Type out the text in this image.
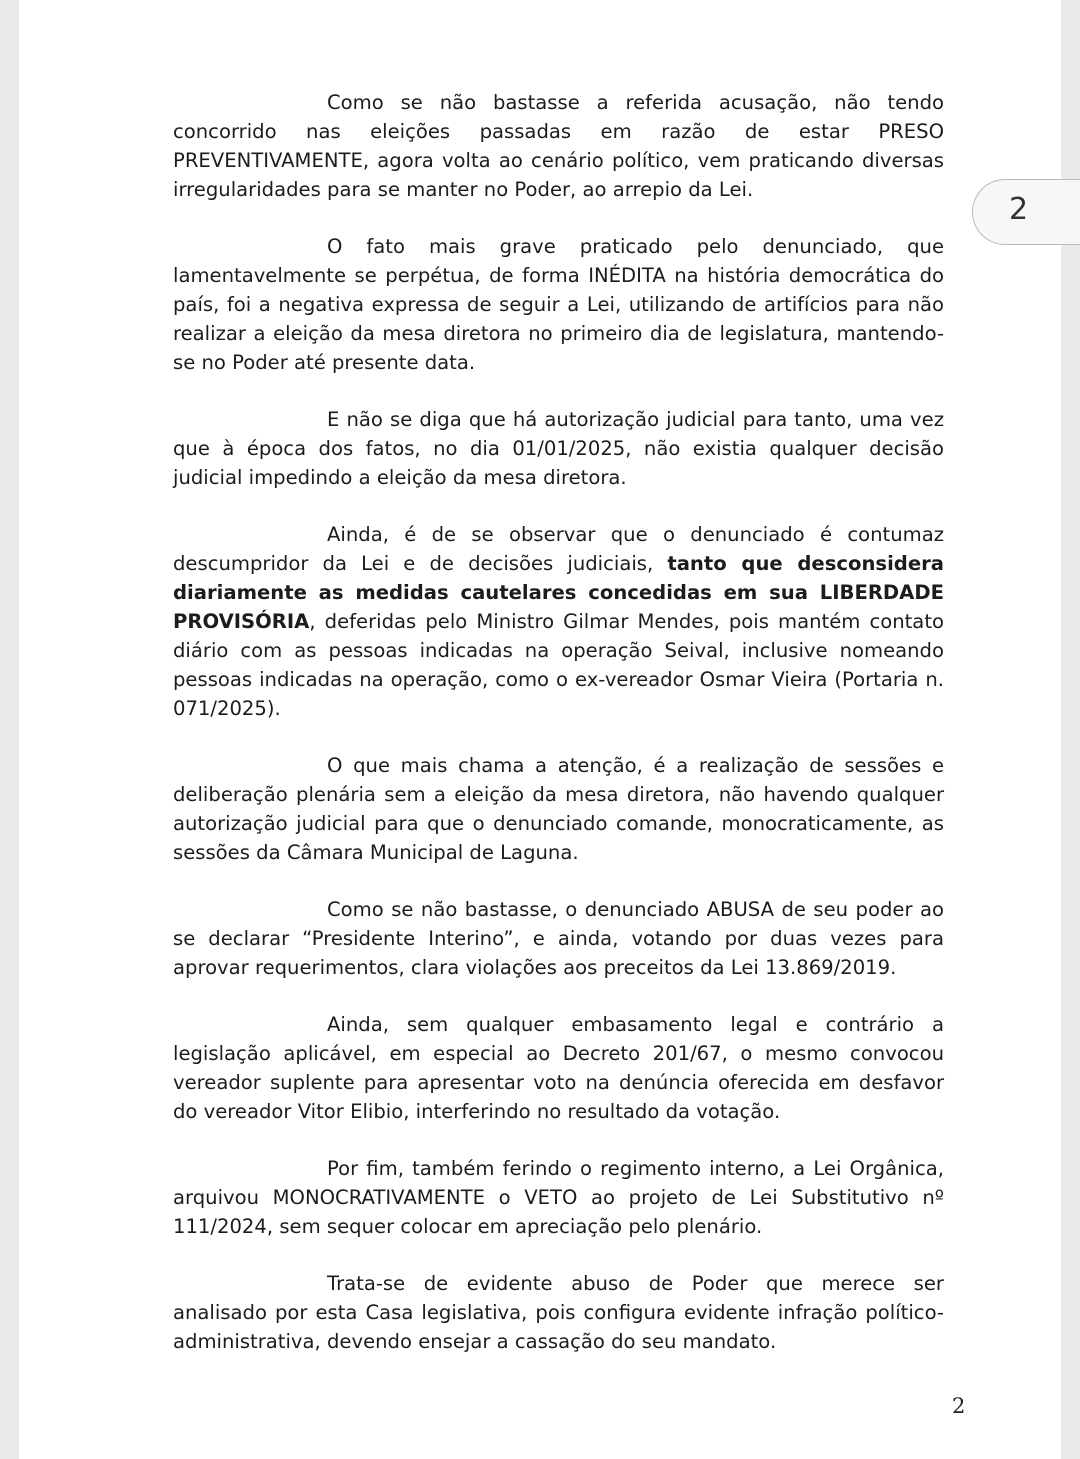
Como se não bastasse a referida acusação, não tendo concorrido nas eleições passadas em razão de estar PRESO PREVENTIVAMENTE, agora volta ao cenário político, vem praticando diversas irregularidades para se manter no Poder, ao arrepio da Lei.

O fato mais grave praticado pelo denunciado, que lamentavelmente se perpétua, de forma INÉDITA na história democrática do país, foi a negativa expressa de seguir a Lei, utilizando de artifícios para não realizar a eleição da mesa diretora no primeiro dia de legislatura, mantendo-se no Poder até presente data.

E não se diga que há autorização judicial para tanto, uma vez que à época dos fatos, no dia 01/01/2025, não existia qualquer decisão judicial impedindo a eleição da mesa diretora.

Ainda, é de se observar que o denunciado é contumaz descumpridor da Lei e de decisões judiciais, tanto que desconsidera diariamente as medidas cautelares concedidas em sua LIBERDADE PROVISÓRIA, deferidas pelo Ministro Gilmar Mendes, pois mantém contato diário com as pessoas indicadas na operação Seival, inclusive nomeando pessoas indicadas na operação, como o ex-vereador Osmar Vieira (Portaria n. 071/2025).

O que mais chama a atenção, é a realização de sessões e deliberação plenária sem a eleição da mesa diretora, não havendo qualquer autorização judicial para que o denunciado comande, monocraticamente, as sessões da Câmara Municipal de Laguna.

Como se não bastasse, o denunciado ABUSA de seu poder ao se declarar “Presidente Interino”, e ainda, votando por duas vezes para aprovar requerimentos, clara violações aos preceitos da Lei 13.869/2019.

Ainda, sem qualquer embasamento legal e contrário a legislação aplicável, em especial ao Decreto 201/67, o mesmo convocou vereador suplente para apresentar voto na denúncia oferecida em desfavor do vereador Vitor Elibio, interferindo no resultado da votação.

Por fim, também ferindo o regimento interno, a Lei Orgânica, arquivou MONOCRATIVAMENTE o VETO ao projeto de Lei Substitutivo nº 111/2024, sem sequer colocar em apreciação pelo plenário.

Trata-se de evidente abuso de Poder que merece ser analisado por esta Casa legislativa, pois configura evidente infração político-administrativa, devendo ensejar a cassação do seu mandato.

2
2
